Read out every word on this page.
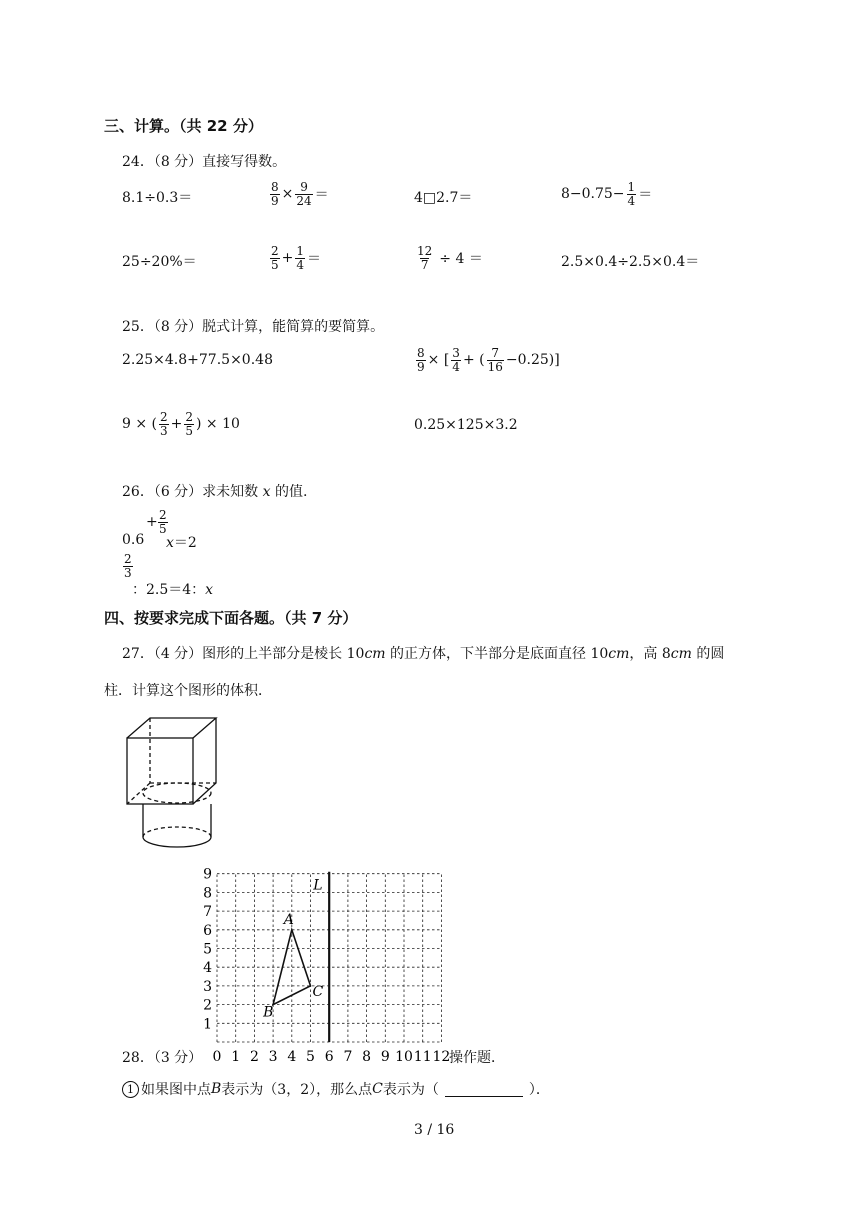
三、计算。（共 22 分）
24．（8 分）直接写得数。
8.1÷0.3＝	$\frac{8}{9} \times \frac{9}{24}$ ＝	4□2.7＝	$8-0.75- \frac{1}{4}$ ＝
25÷20%＝	$\frac{2}{5} + \frac{1}{4}$ ＝	$\frac{12}{7} \div 4$ ＝	2.5×0.4÷2.5×0.4＝
25．（8 分）脱式计算，能简算的要简算。
2.25×4.8+77.5×0.48	$\frac{8}{9}$ × [ $\frac{3}{4}$ + ( $\frac{7}{16} -0.25$)]
9 × ( $\frac{2}{3} + \frac{2}{5}$ ) × 10	0.25×125×3.2
26．（6 分）求未知数 x 的值.
0.6
+ $\frac{2}{5}$
x＝2
$\frac{2}{3}$
：2.5＝4：x
四、按要求完成下面各题。（共 7 分）
27．（4 分）图形的上半部分是棱长 10cm 的正方体，下半部分是底面直径 10cm，高 8cm 的圆
柱．计算这个图形的体积．
L
A
B
C
0 1 2 3 4 5 6 7 8 9 10 11 12
1
2
3
4
5
6
7
8
9
28．（3 分）	操作题．
1 如果图中点 B 表示为（3，2），那么点 C 表示为（	）．
3 / 16
